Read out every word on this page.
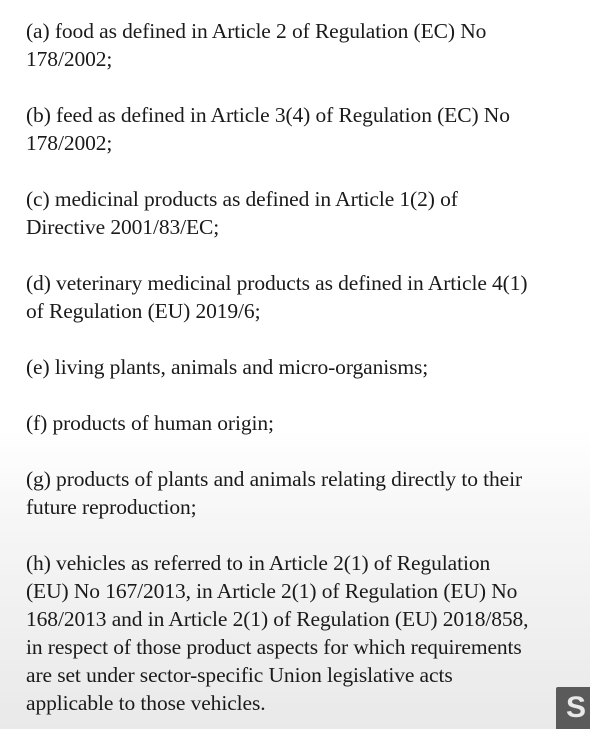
(a) food as defined in Article 2 of Regulation (EC) No
178/2002;

(b) feed as defined in Article 3(4) of Regulation (EC) No
178/2002;

(c) medicinal products as defined in Article 1(2) of
Directive 2001/83/EC;

(d) veterinary medicinal products as defined in Article 4(1)
of Regulation (EU) 2019/6;

(e) living plants, animals and micro-organisms;

(f) products of human origin;

(g) products of plants and animals relating directly to their
future reproduction;

(h) vehicles as referred to in Article 2(1) of Regulation
(EU) No 167/2013, in Article 2(1) of Regulation (EU) No
168/2013 and in Article 2(1) of Regulation (EU) 2018/858,
in respect of those product aspects for which requirements
are set under sector-specific Union legislative acts
applicable to those vehicles.	S
